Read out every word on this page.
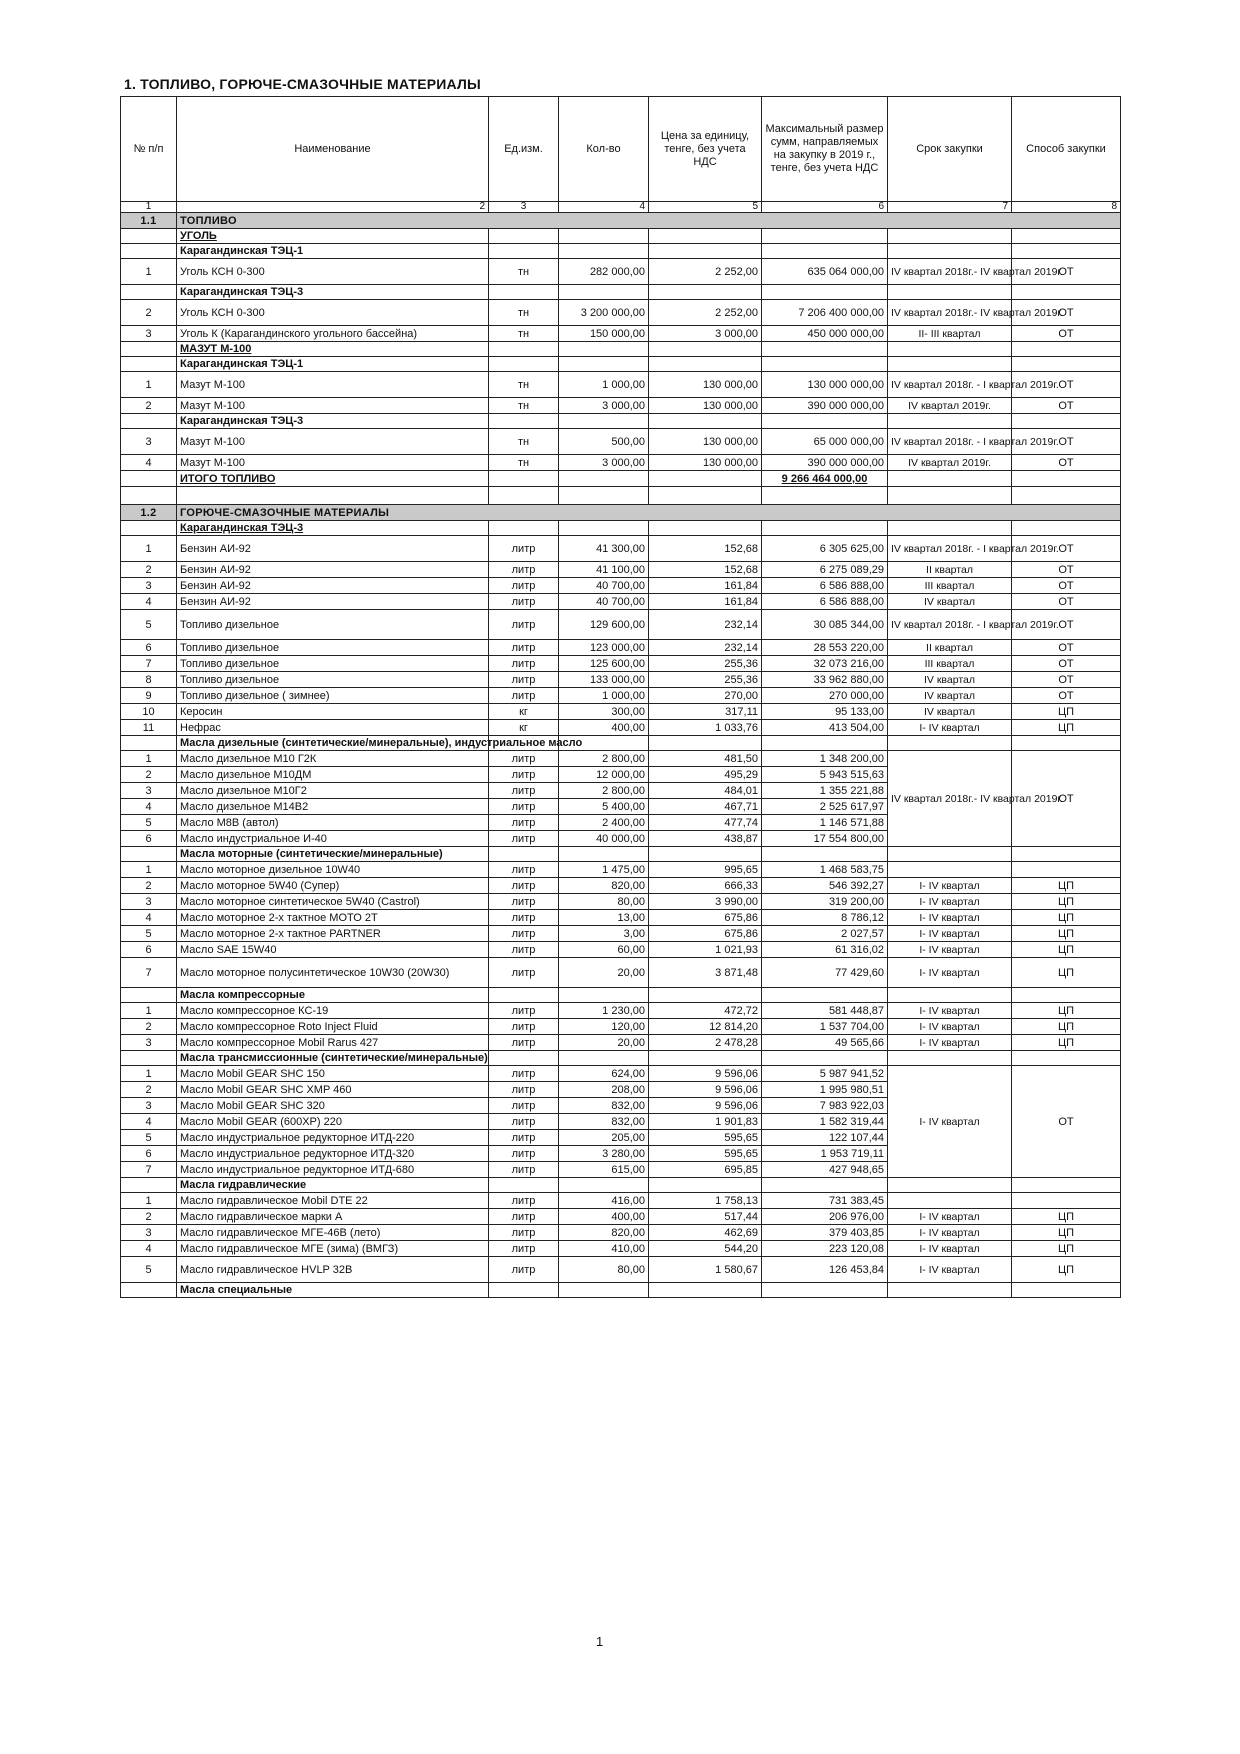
1. ТОПЛИВО, ГОРЮЧЕ-СМАЗОЧНЫЕ МАТЕРИАЛЫ
№ п/п	Наименование	Ед.изм.	Кол-во	Цена за единицу, тенге, без учета НДС	Максимальный размер сумм, направляемых на закупку в 2019 г., тенге, без учета НДС	Срок закупки	Способ закупки
1	2	3	4	5	6	7	8
1.1	ТОПЛИВО						
	УГОЛЬ						
	Карагандинская ТЭЦ-1						
1	Уголь КСН 0-300	тн	282 000,00	2 252,00	635 064 000,00	IV квартал 2018г.- IV квартал 2019г.	ОТ
	Карагандинская ТЭЦ-3						
2	Уголь КСН 0-300	тн	3 200 000,00	2 252,00	7 206 400 000,00	IV квартал 2018г.- IV квартал 2019г.	ОТ
3	Уголь К (Карагандинского угольного бассейна)	тн	150 000,00	3 000,00	450 000 000,00	II- III квартал	ОТ
	МАЗУТ М-100						
	Карагандинская ТЭЦ-1						
1	Мазут М-100	тн	1 000,00	130 000,00	130 000 000,00	IV квартал 2018г. - I квартал 2019г.	ОТ
2	Мазут М-100	тн	3 000,00	130 000,00	390 000 000,00	IV квартал 2019г.	ОТ
	Карагандинская ТЭЦ-3						
3	Мазут М-100	тн	500,00	130 000,00	65 000 000,00	IV квартал 2018г. - I квартал 2019г.	ОТ
4	Мазут М-100	тн	3 000,00	130 000,00	390 000 000,00	IV квартал 2019г.	ОТ
	ИТОГО ТОПЛИВО				9 266 464 000,00		

1.2	ГОРЮЧЕ-СМАЗОЧНЫЕ МАТЕРИАЛЫ						
	Карагандинская ТЭЦ-3						
1	Бензин АИ-92	литр	41 300,00	152,68	6 305 625,00	IV квартал 2018г. - I квартал 2019г.	ОТ
2	Бензин АИ-92	литр	41 100,00	152,68	6 275 089,29	II квартал	ОТ
3	Бензин АИ-92	литр	40 700,00	161,84	6 586 888,00	III квартал	ОТ
4	Бензин АИ-92	литр	40 700,00	161,84	6 586 888,00	IV квартал	ОТ
5	Топливо дизельное	литр	129 600,00	232,14	30 085 344,00	IV квартал 2018г. - I квартал 2019г.	ОТ
6	Топливо дизельное	литр	123 000,00	232,14	28 553 220,00	II квартал	ОТ
7	Топливо дизельное	литр	125 600,00	255,36	32 073 216,00	III квартал	ОТ
8	Топливо дизельное	литр	133 000,00	255,36	33 962 880,00	IV квартал	ОТ
9	Топливо дизельное ( зимнее)	литр	1 000,00	270,00	270 000,00	IV квартал	ОТ
10	Керосин	кг	300,00	317,11	95 133,00	IV квартал	ЦП
11	Нефрас	кг	400,00	1 033,76	413 504,00	I- IV квартал	ЦП
	Масла дизельные (синтетические/минеральные), индустриальное масло						
1	Масло дизельное М10 Г2К	литр	2 800,00	481,50	1 348 200,00	IV квартал 2018г.- IV квартал 2019г.	ОТ
2	Масло дизельное М10ДМ	литр	12 000,00	495,29	5 943 515,63		
3	Масло дизельное М10Г2	литр	2 800,00	484,01	1 355 221,88		
4	Масло дизельное М14В2	литр	5 400,00	467,71	2 525 617,97		
5	Масло М8В (автол)	литр	2 400,00	477,74	1 146 571,88		
6	Масло индустриальное И-40	литр	40 000,00	438,87	17 554 800,00		
	Масла моторные (синтетические/минеральные)						
1	Масло моторное дизельное 10W40	литр	1 475,00	995,65	1 468 583,75		
2	Масло моторное 5W40 (Супер)	литр	820,00	666,33	546 392,27	I- IV квартал	ЦП
3	Масло моторное синтетическое 5W40 (Castrol)	литр	80,00	3 990,00	319 200,00	I- IV квартал	ЦП
4	Масло моторное 2-х тактное МОТО 2Т	литр	13,00	675,86	8 786,12	I- IV квартал	ЦП
5	Масло моторное 2-х тактное PARTNER	литр	3,00	675,86	2 027,57	I- IV квартал	ЦП
6	Масло SAE 15W40	литр	60,00	1 021,93	61 316,02	I- IV квартал	ЦП
7	Масло моторное полусинтетическое 10W30 (20W30)	литр	20,00	3 871,48	77 429,60	I- IV квартал	ЦП
	Масла компрессорные						
1	Масло компрессорное КС-19	литр	1 230,00	472,72	581 448,87	I- IV квартал	ЦП
2	Масло компрессорное Roto Inject Fluid	литр	120,00	12 814,20	1 537 704,00	I- IV квартал	ЦП
3	Масло компрессорное Mobil Rarus 427	литр	20,00	2 478,28	49 565,66	I- IV квартал	ЦП
	Масла трансмиссионные (синтетические/минеральные)						
1	Масло Mobil GEAR SHC 150	литр	624,00	9 596,06	5 987 941,52	I- IV квартал	ОТ
2	Масло Mobil GEAR SHC XMP 460	литр	208,00	9 596,06	1 995 980,51		
3	Масло Mobil GEAR SHC 320	литр	832,00	9 596,06	7 983 922,03		
4	Масло Mobil GEAR (600XP) 220	литр	832,00	1 901,83	1 582 319,44		
5	Масло индустриальное редукторное ИТД-220	литр	205,00	595,65	122 107,44		
6	Масло индустриальное редукторное ИТД-320	литр	3 280,00	595,65	1 953 719,11		
7	Масло индустриальное редукторное ИТД-680	литр	615,00	695,85	427 948,65		
	Масла гидравлические						
1	Масло гидравлическое Mobil DTE 22	литр	416,00	1 758,13	731 383,45		
2	Масло гидравлическое марки А	литр	400,00	517,44	206 976,00	I- IV квартал	ЦП
3	Масло гидравлическое МГЕ-46В (лето)	литр	820,00	462,69	379 403,85	I- IV квартал	ЦП
4	Масло гидравлическое МГЕ (зима) (ВМГЗ)	литр	410,00	544,20	223 120,08	I- IV квартал	ЦП
5	Масло гидравлическое HVLP 32В	литр	80,00	1 580,67	126 453,84	I- IV квартал	ЦП
	Масла специальные						
1
